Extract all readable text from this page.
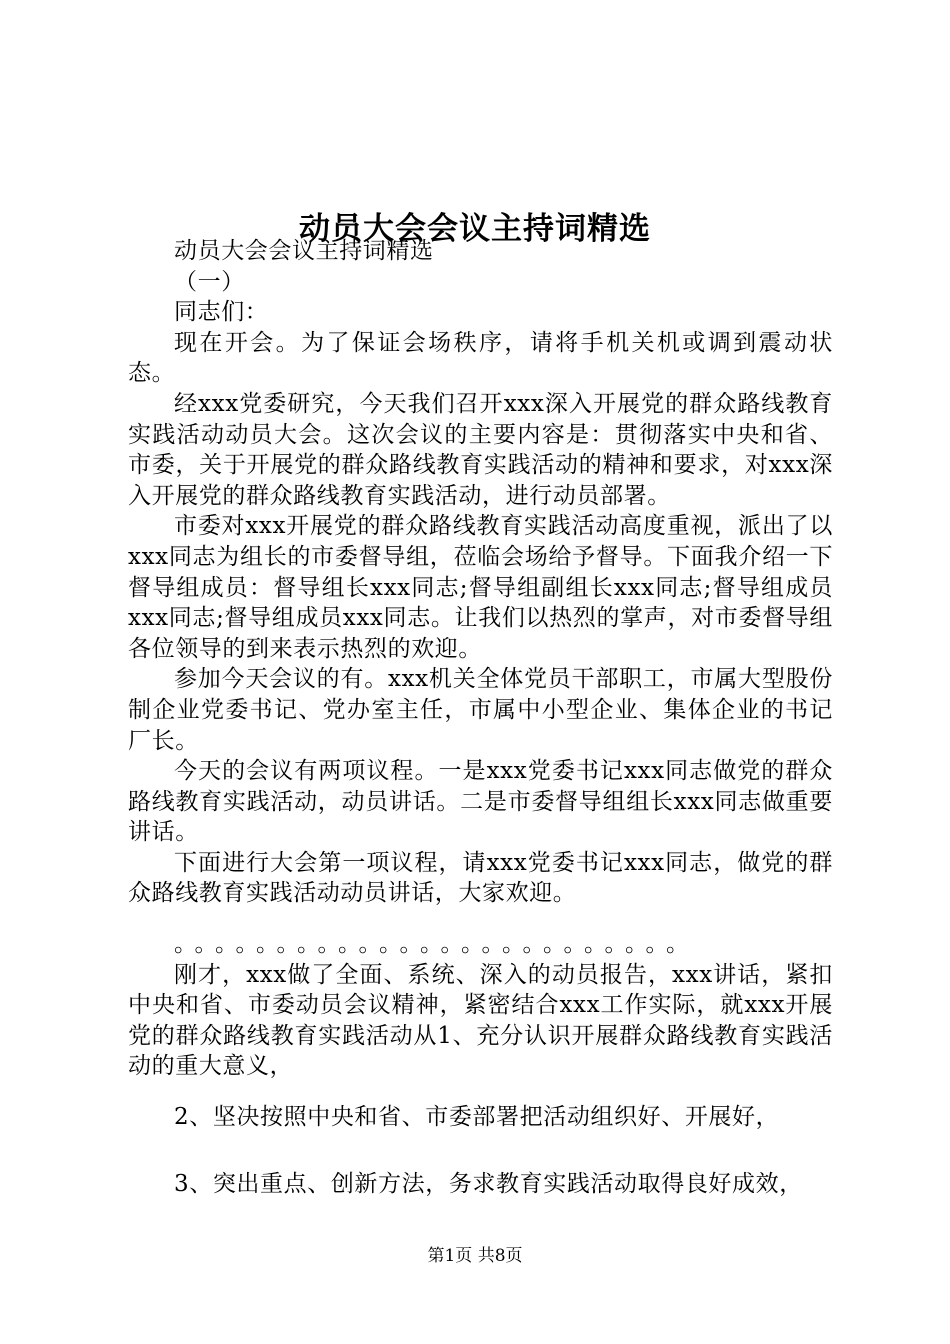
动员大会会议主持词精选

动员大会会议主持词精选

（一）

同志们：

现在开会。为了保证会场秩序，请将手机关机或调到震动状态。

经xxx党委研究，今天我们召开xxx深入开展党的群众路线教育实践活动动员大会。这次会议的主要内容是：贯彻落实中央和省、市委，关于开展党的群众路线教育实践活动的精神和要求，对xxx深入开展党的群众路线教育实践活动，进行动员部署。

市委对xxx开展党的群众路线教育实践活动高度重视，派出了以xxx同志为组长的市委督导组，莅临会场给予督导。下面我介绍一下督导组成员：督导组长xxx同志;督导组副组长xxx同志;督导组成员xxx同志;督导组成员xxx同志。让我们以热烈的掌声，对市委督导组各位领导的到来表示热烈的欢迎。

参加今天会议的有。xxx机关全体党员干部职工，市属大型股份制企业党委书记、党办室主任，市属中小型企业、集体企业的书记厂长。

今天的会议有两项议程。一是xxx党委书记xxx同志做党的群众路线教育实践活动，动员讲话。二是市委督导组组长xxx同志做重要讲话。

下面进行大会第一项议程，请xxx党委书记xxx同志，做党的群众路线教育实践活动动员讲话，大家欢迎。

。。。。。。。。。。。。。。。。。。。。。。。。。

刚才，xxx做了全面、系统、深入的动员报告，xxx讲话，紧扣中央和省、市委动员会议精神，紧密结合xxx工作实际，就xxx开展党的群众路线教育实践活动从1、充分认识开展群众路线教育实践活动的重大意义，

2、坚决按照中央和省、市委部署把活动组织好、开展好，

3、突出重点、创新方法，务求教育实践活动取得良好成效，

第1页 共8页
